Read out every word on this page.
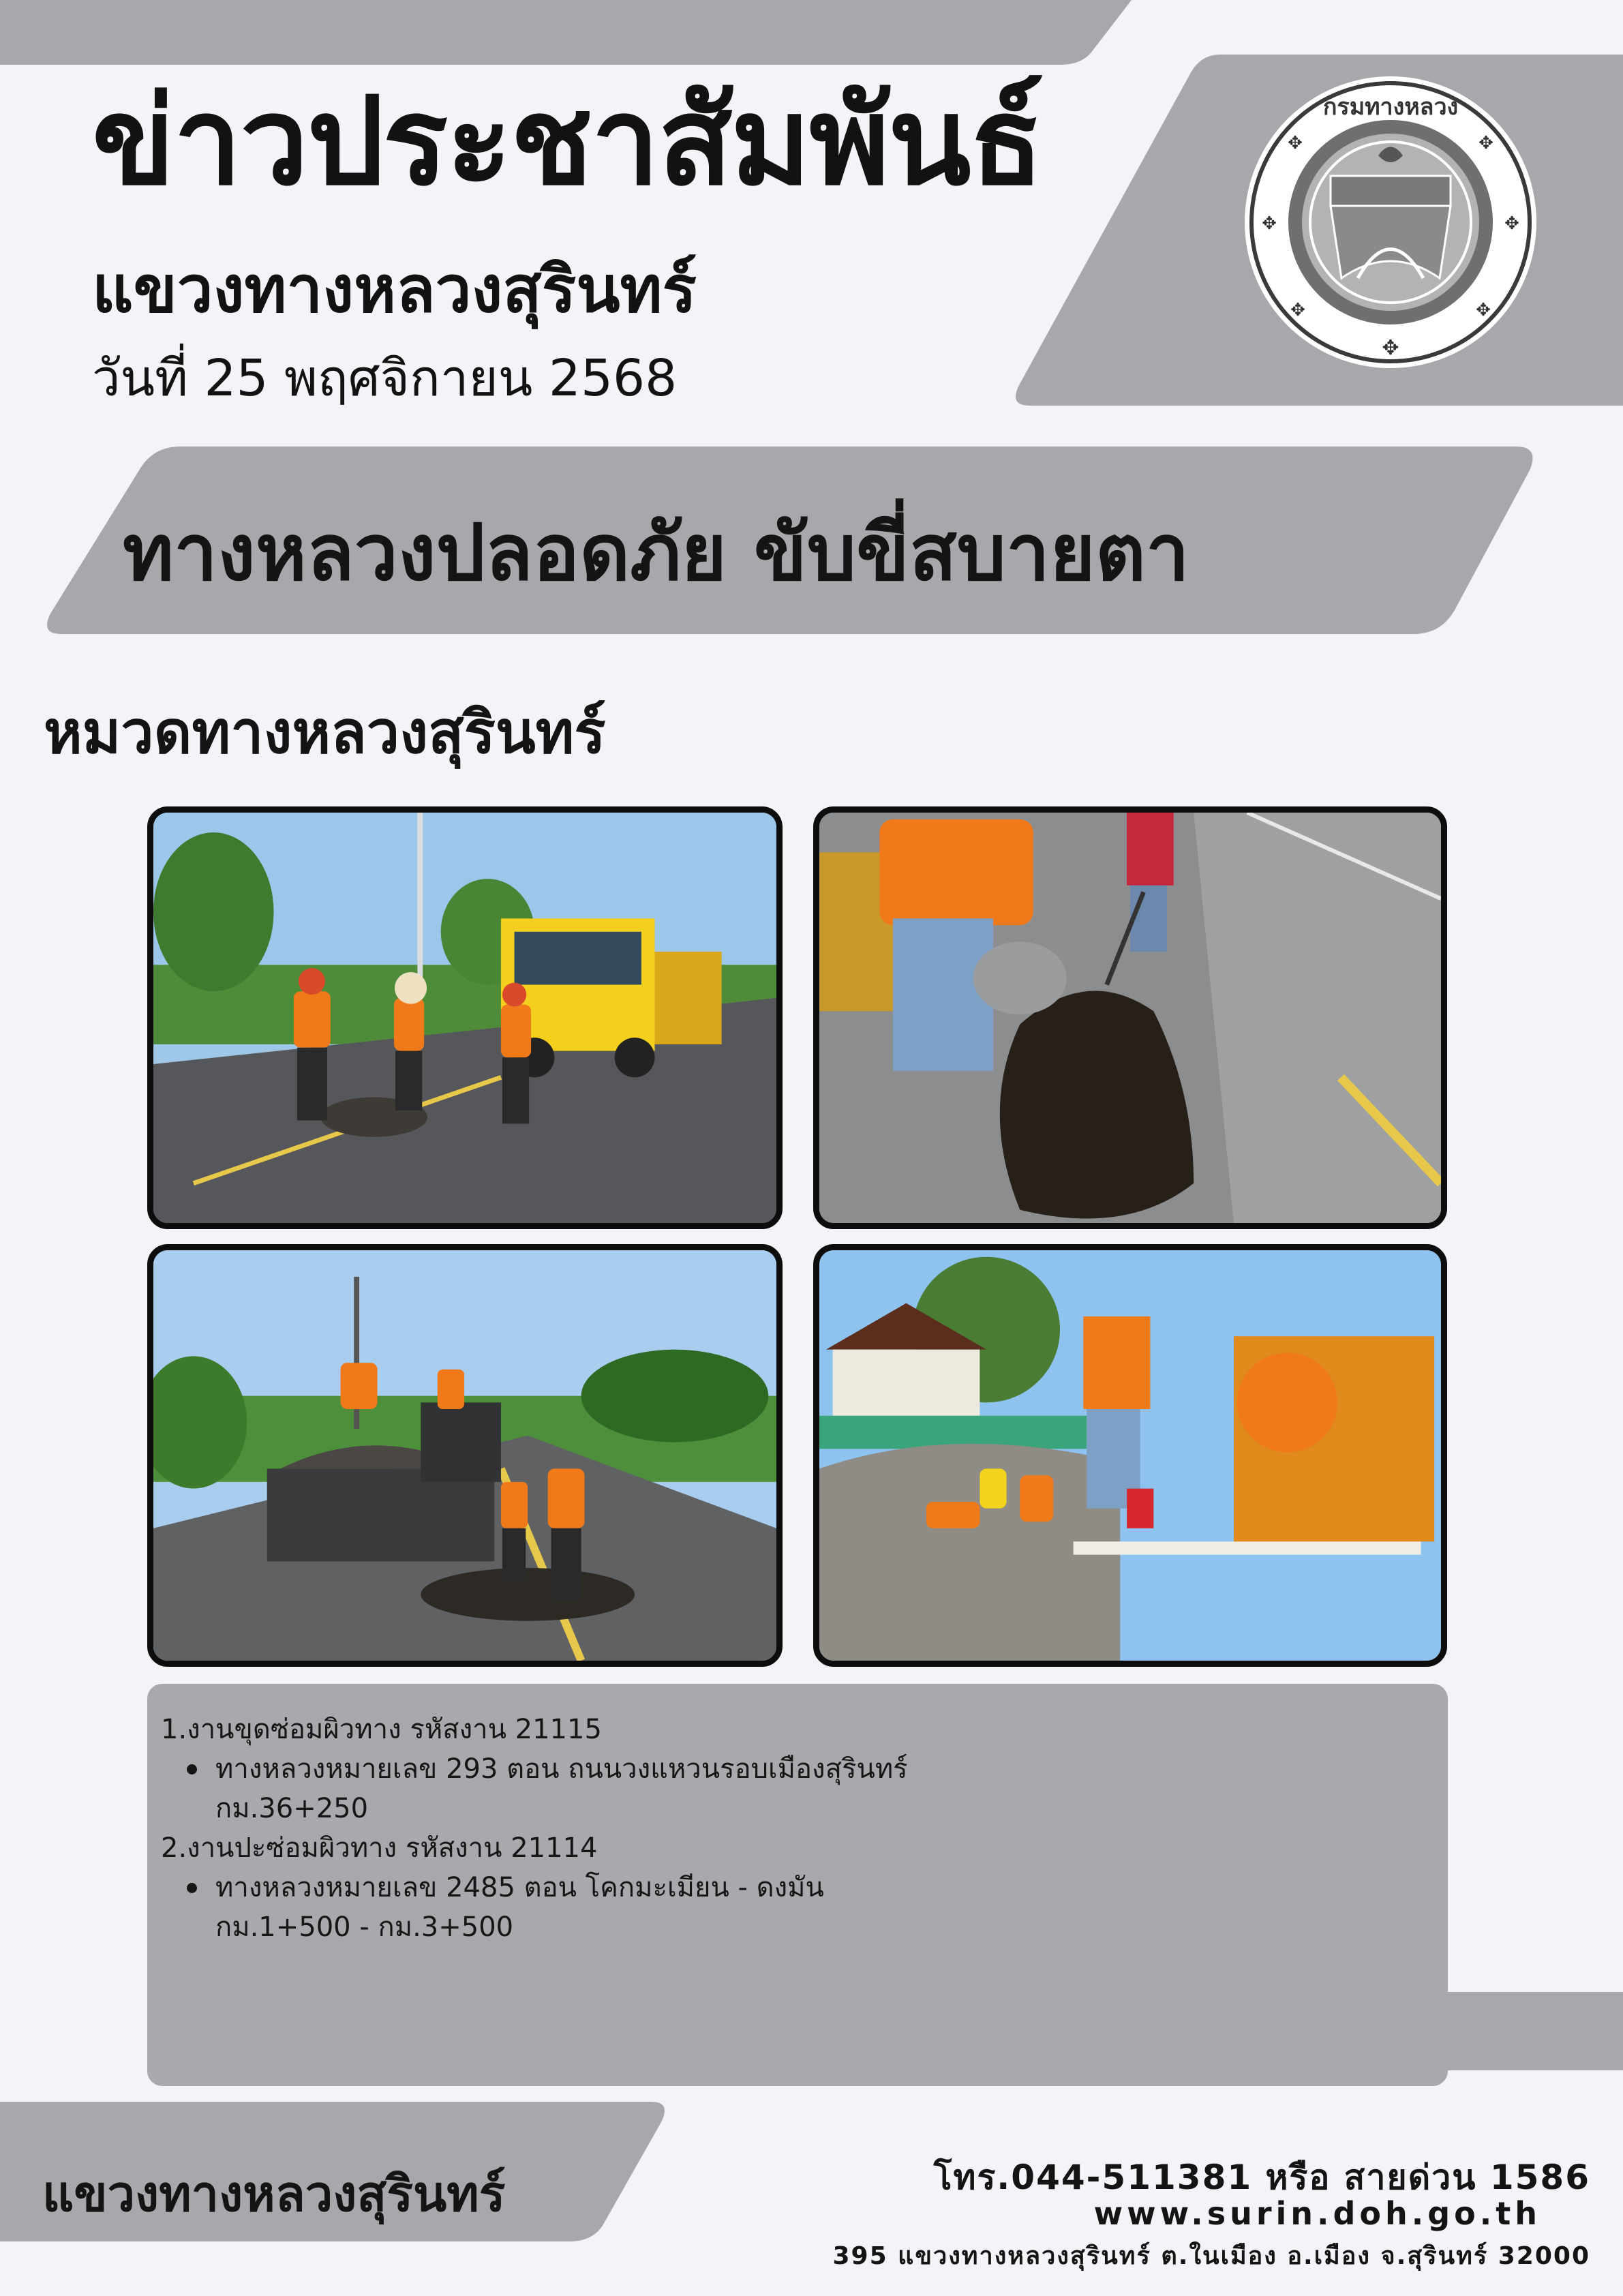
ข่าวประชาสัมพันธ์
แขวงทางหลวงสุรินทร์
วันที่ 25 พฤศจิกายน 2568
กรมทางหลวง
✥
✥	✥
✥	✥
✥	✥
ทางหลวงปลอดภัย ขับขี่สบายตา
หมวดทางหลวงสุรินทร์
1.งานขุดซ่อมผิวทาง รหัสงาน 21115
ทางหลวงหมายเลข 293 ตอน ถนนวงแหวนรอบเมืองสุรินทร์
กม.36+250
2.งานปะซ่อมผิวทาง รหัสงาน 21114
ทางหลวงหมายเลข 2485 ตอน โคกมะเมียน - ดงมัน
กม.1+500 - กม.3+500
แขวงทางหลวงสุรินทร์	โทร.044-511381 หรือ สายด่วน 1586
www.surin.doh.go.th
395 แขวงทางหลวงสุรินทร์ ต.ในเมือง อ.เมือง จ.สุรินทร์ 32000
